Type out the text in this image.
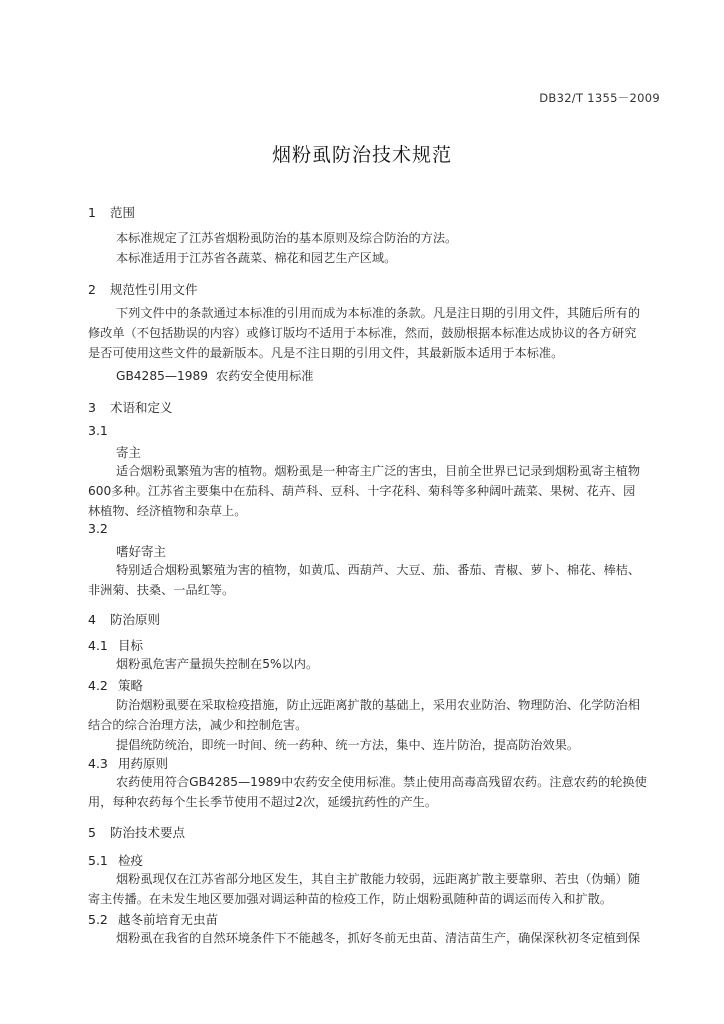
DB32/T 1355－2009
烟粉虱防治技术规范
1 范围
本标准规定了江苏省烟粉虱防治的基本原则及综合防治的方法。
本标准适用于江苏省各蔬菜、棉花和园艺生产区域。
2 规范性引用文件
下列文件中的条款通过本标准的引用而成为本标准的条款。凡是注日期的引用文件，其随后所有的
修改单（不包括勘误的内容）或修订版均不适用于本标准，然而，鼓励根据本标准达成协议的各方研究
是否可使用这些文件的最新版本。凡是不注日期的引用文件，其最新版本适用于本标准。
GB4285—1989 农药安全使用标准
3 术语和定义
3.1
寄主
适合烟粉虱繁殖为害的植物。烟粉虱是一种寄主广泛的害虫，目前全世界已记录到烟粉虱寄主植物
600多种。江苏省主要集中在茄科、葫芦科、豆科、十字花科、菊科等多种阔叶蔬菜、果树、花卉、园
林植物、经济植物和杂草上。
3.2
嗜好寄主
特别适合烟粉虱繁殖为害的植物，如黄瓜、西葫芦、大豆、茄、番茄、青椒、萝卜、棉花、棒桔、
非洲菊、扶桑、一品红等。
4 防治原则
4.1 目标
烟粉虱危害产量损失控制在5%以内。
4.2 策略
防治烟粉虱要在采取检疫措施，防止远距离扩散的基础上，采用农业防治、物理防治、化学防治相
结合的综合治理方法，减少和控制危害。
提倡统防统治，即统一时间、统一药种、统一方法，集中、连片防治，提高防治效果。
4.3 用药原则
农药使用符合GB4285—1989中农药安全使用标准。禁止使用高毒高残留农药。注意农药的轮换使
用，每种农药每个生长季节使用不超过2次，延缓抗药性的产生。
5 防治技术要点
5.1 检疫
烟粉虱现仅在江苏省部分地区发生，其自主扩散能力较弱，远距离扩散主要靠卵、若虫（伪蛹）随
寄主传播。在未发生地区要加强对调运种苗的检疫工作，防止烟粉虱随种苗的调运而传入和扩散。
5.2 越冬前培育无虫苗
烟粉虱在我省的自然环境条件下不能越冬，抓好冬前无虫苗、清洁苗生产，确保深秋初冬定植到保
